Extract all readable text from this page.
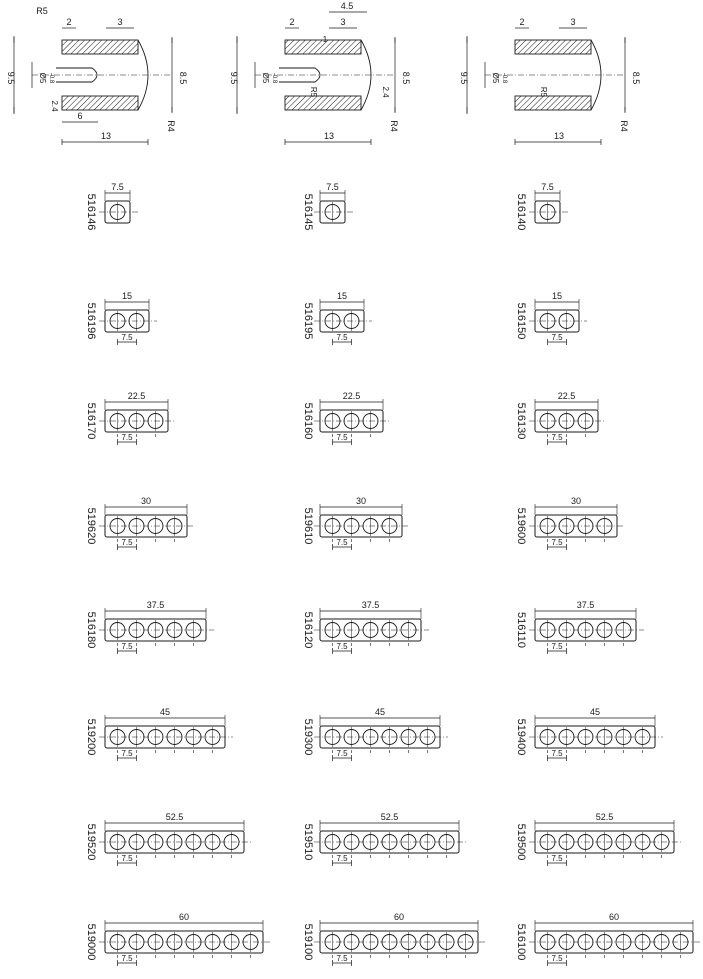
9.5	Ø5 -0.8
2	3
R5
8.5
R4
2.4
6
13
9.5	Ø5 -0.8
2	3
4.5
1
8.5
2.4
R5
R4
13
9.5	Ø5 -0.8
2	3
8.5
R5
R4
13
7.5
516146
7.5
516145
7.5
516140
15
7.5
516196
15
7.5
516195
15
7.5
516150
22.5
7.5
516170
22.5
7.5
516160
22.5
7.5
516130
30
7.5
519620
30
7.5
519610
30
7.5
519600
37.5
7.5
516180
37.5
7.5
516120
37.5
7.5
516110
45
7.5
519200
45
7.5
519300
45
7.5
519400
52.5
7.5
519520
52.5
7.5
519510
52.5
7.5
519500
60
7.5
519000
60
7.5
519100
60
7.5
516100
